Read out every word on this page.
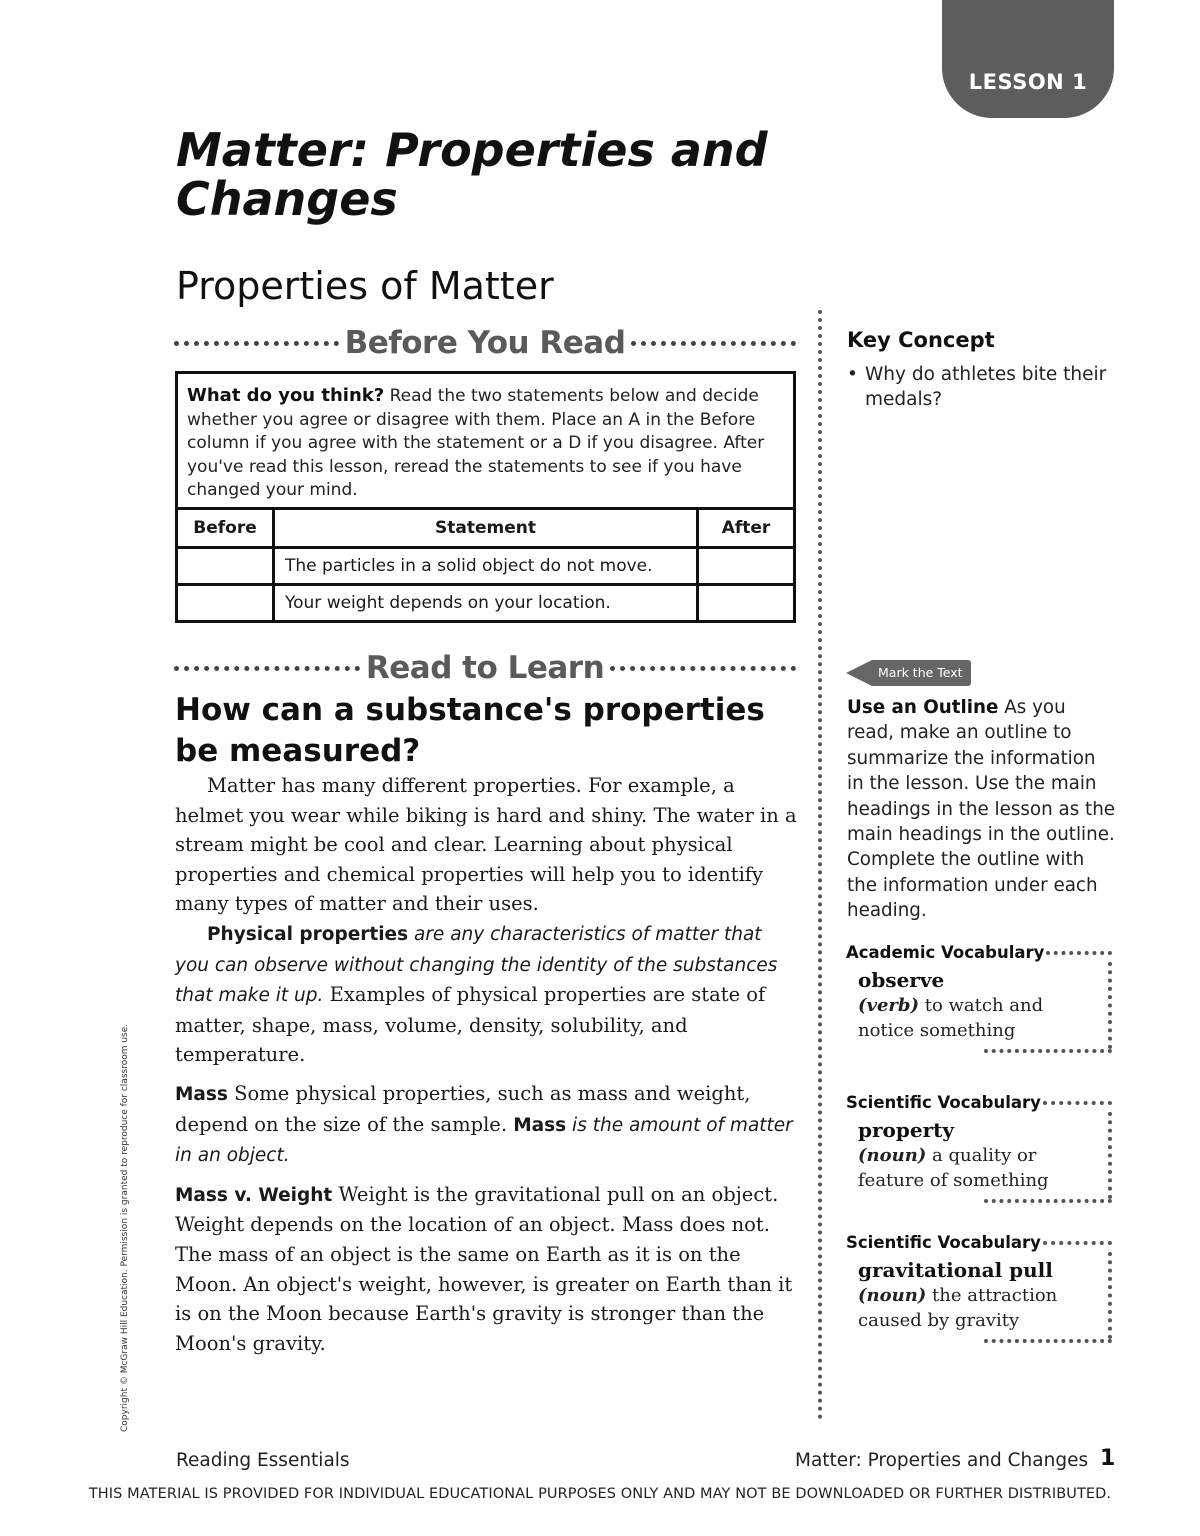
LESSON 1
Matter: Properties and Changes
Properties of Matter
Before You Read
What do you think? Read the two statements below and decide whether you agree or disagree with them. Place an A in the Before column if you agree with the statement or a D if you disagree. After you've read this lesson, reread the statements to see if you have changed your mind.
Before	Statement	After
	The particles in a solid object do not move.	
	Your weight depends on your location.	
Read to Learn
How can a substance's properties be measured?

Matter has many different properties. For example, a helmet you wear while biking is hard and shiny. The water in a stream might be cool and clear. Learning about physical properties and chemical properties will help you to identify many types of matter and their uses.

Physical properties are any characteristics of matter that you can observe without changing the identity of the substances that make it up. Examples of physical properties are state of matter, shape, mass, volume, density, solubility, and temperature.

Mass Some physical properties, such as mass and weight, depend on the size of the sample. Mass is the amount of matter in an object.

Mass v. Weight Weight is the gravitational pull on an object. Weight depends on the location of an object. Mass does not. The mass of an object is the same on Earth as it is on the Moon. An object's weight, however, is greater on Earth than it is on the Moon because Earth's gravity is stronger than the Moon's gravity.

Key Concept
• Why do athletes bite their medals?
Mark the Text
Use an Outline As you read, make an outline to summarize the information in the lesson. Use the main headings in the lesson as the main headings in the outline. Complete the outline with the information under each heading.
Academic Vocabulary
observe
(verb) to watch and notice something
Scientific Vocabulary
property
(noun) a quality or feature of something
Scientific Vocabulary
gravitational pull
(noun) the attraction caused by gravity
Copyright © McGraw Hill Education. Permission is granted to reproduce for classroom use.
Reading Essentials	Matter: Properties and Changes 1
THIS MATERIAL IS PROVIDED FOR INDIVIDUAL EDUCATIONAL PURPOSES ONLY AND MAY NOT BE DOWNLOADED OR FURTHER DISTRIBUTED.
